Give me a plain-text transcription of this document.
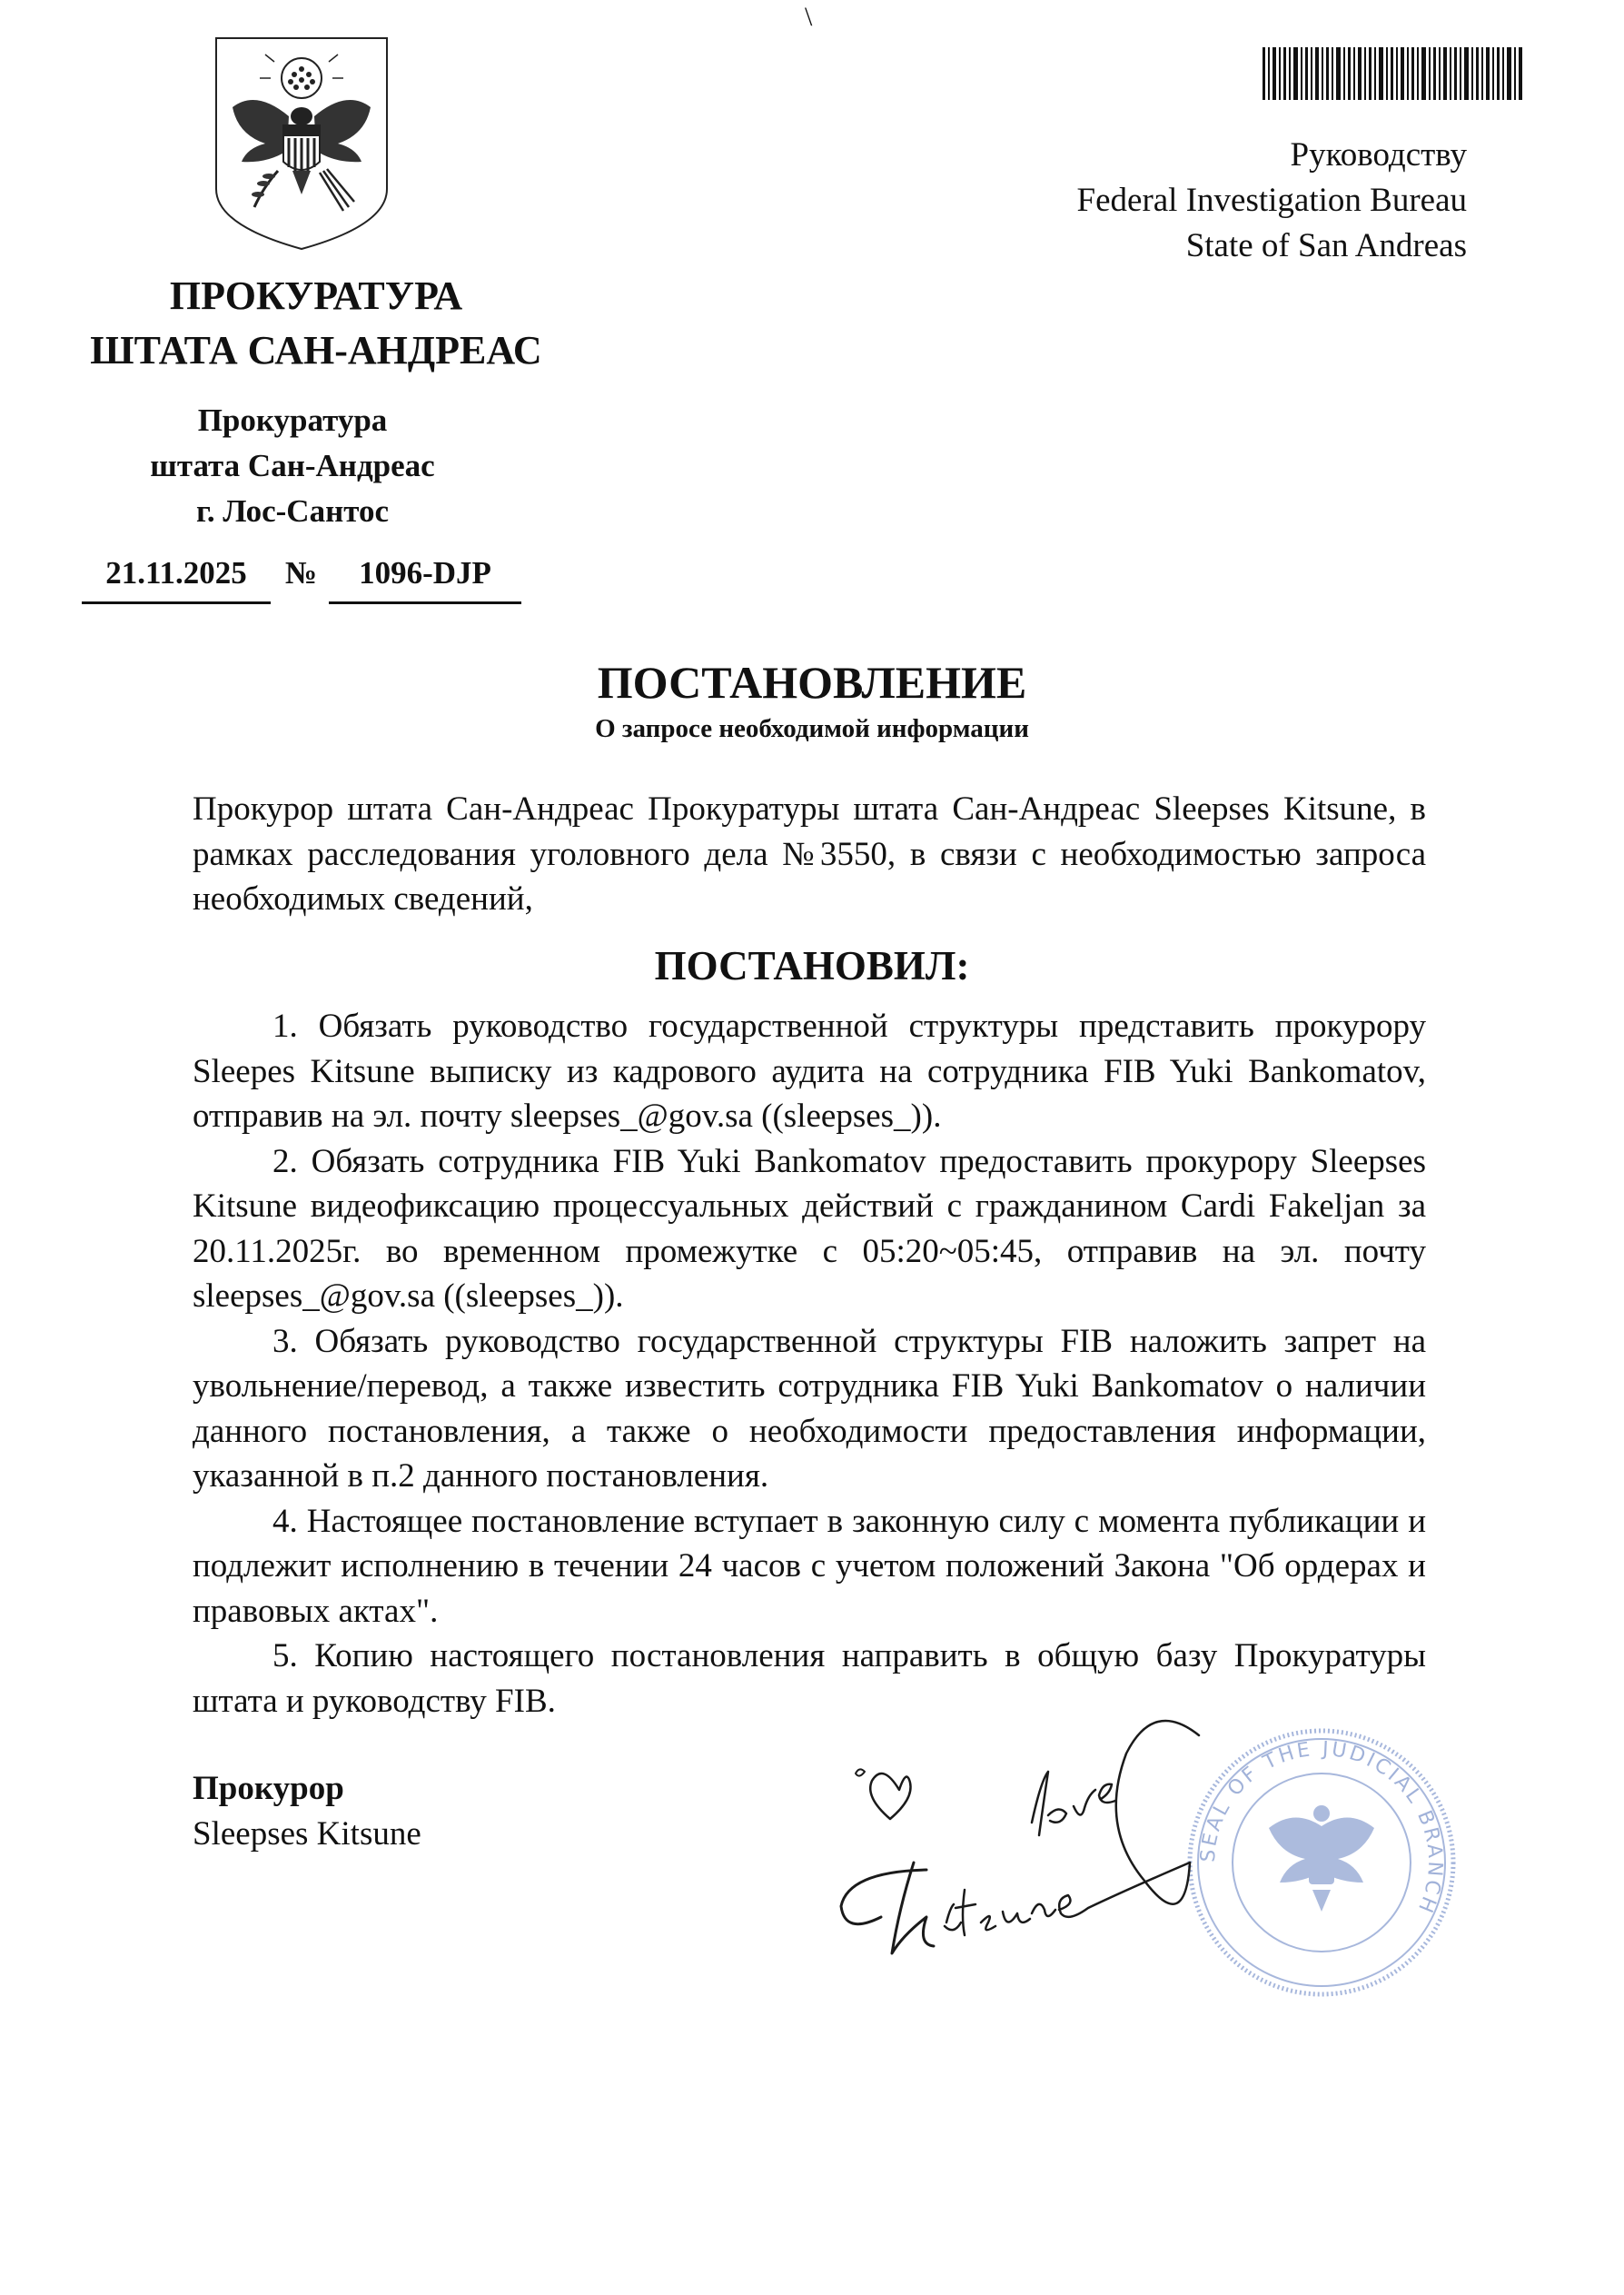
\
Руководству
Federal Investigation Bureau
State of San Andreas
ПРОКУРАТУРА
ШТАТА САН-АНДРЕАС
Прокуратура
штата Сан-Андреас
г. Лос-Сантос
21.11.2025	№	1096-DJP
ПОСТАНОВЛЕНИЕ
О запросе необходимой информации
Прокурор штата Сан-Андреас Прокуратуры штата Сан-Андреас Sleepses Kitsune, в рамках расследования уголовного дела №3550, в связи с необходимостью запроса необходимых сведений,
ПОСТАНОВИЛ:

1. Обязать руководство государственной структуры представить прокурору Sleepes Kitsune выписку из кадрового аудита на сотрудника FIB Yuki Bankomatov, отправив на эл. почту sleepses_@gov.sa ((sleepses_)).

2. Обязать сотрудника FIB Yuki Bankomatov предоставить прокурору Sleepses Kitsune видеофиксацию процессуальных действий с гражданином Cardi Fakeljan за 20.11.2025г. во временном промежутке с 05:20~05:45, отправив на эл. почту sleepses_@gov.sa ((sleepses_)).

3. Обязать руководство государственной структуры FIB наложить запрет на увольнение/перевод, а также известить сотрудника FIB Yuki Bankomatov о наличии данного постановления, а также о необходимости предоставления информации, указанной в п.2 данного постановления.

4. Настоящее постановление вступает в законную силу с момента публикации и подлежит исполнению в течении 24 часов с учетом положений Закона "Об ордерах и правовых актах".

5. Копию настоящего постановления направить в общую базу Прокуратуры штата и руководству FIB.

Прокурор
Sleepses Kitsune
SEAL OF THE JUDICIAL BRANCH
Kitsune love
